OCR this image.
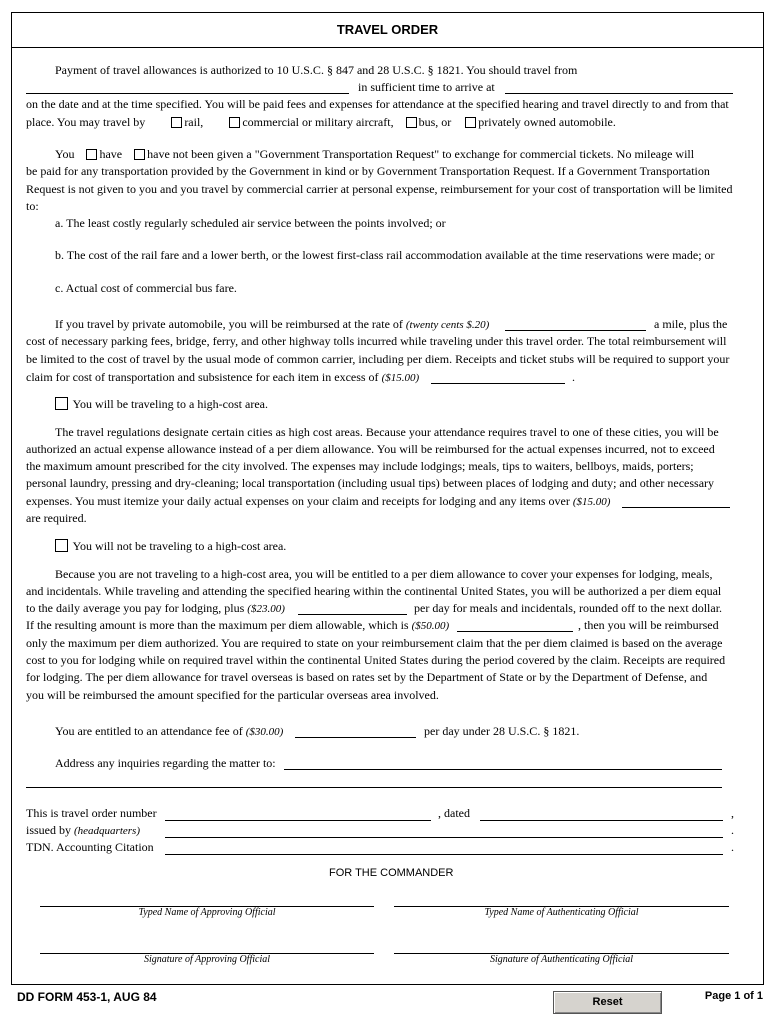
TRAVEL ORDER
Payment of travel allowances is authorized to 10 U.S.C. § 847 and 28 U.S.C. § 1821. You should travel from
in sufficient time to arrive at
on the date and at the time specified. You will be paid fees and expenses for attendance at the specified hearing and travel directly to and from that
place. You may travel by	rail,	commercial or military aircraft, bus, or privately owned automobile.
You have have not been given a "Government Transportation Request" to exchange for commercial tickets. No mileage will
be paid for any transportation provided by the Government in kind or by Government Transportation Request. If a Government Transportation
Request is not given to you and you travel by commercial carrier at personal expense, reimbursement for your cost of transportation will be limited
to:
a. The least costly regularly scheduled air service between the points involved; or
b. The cost of the rail fare and a lower berth, or the lowest first-class rail accommodation available at the time reservations were made; or
c. Actual cost of commercial bus fare.
If you travel by private automobile, you will be reimbursed at the rate of (twenty cents $.20)	a mile, plus the
cost of necessary parking fees, bridge, ferry, and other highway tolls incurred while traveling under this travel order. The total reimbursement will
be limited to the cost of travel by the usual mode of common carrier, including per diem. Receipts and ticket stubs will be required to support your
claim for cost of transportation and subsistence for each item in excess of ($15.00)	.
You will be traveling to a high-cost area.
The travel regulations designate certain cities as high cost areas. Because your attendance requires travel to one of these cities, you will be
authorized an actual expense allowance instead of a per diem allowance. You will be reimbursed for the actual expenses incurred, not to exceed
the maximum amount prescribed for the city involved. The expenses may include lodgings; meals, tips to waiters, bellboys, maids, porters;
personal laundry, pressing and dry-cleaning; local transportation (including usual tips) between places of lodging and duty; and other necessary
expenses. You must itemize your daily actual expenses on your claim and receipts for lodging and any items over ($15.00)
are required.
You will not be traveling to a high-cost area.
Because you are not traveling to a high-cost area, you will be entitled to a per diem allowance to cover your expenses for lodging, meals,
and incidentals. While traveling and attending the specified hearing within the continental United States, you will be authorized a per diem equal
to the daily average you pay for lodging, plus ($23.00)	per day for meals and incidentals, rounded off to the next dollar.
If the resulting amount is more than the maximum per diem allowable, which is ($50.00)	, then you will be reimbursed
only the maximum per diem authorized. You are required to state on your reimbursement claim that the per diem claimed is based on the average
cost to you for lodging while on required travel within the continental United States during the period covered by the claim. Receipts are required
for lodging. The per diem allowance for travel overseas is based on rates set by the Department of State or by the Department of Defense, and
you will be reimbursed the amount specified for the particular overseas area involved.
You are entitled to an attendance fee of ($30.00)	per day under 28 U.S.C. § 1821.
Address any inquiries regarding the matter to:
This is travel order number	, dated	,
issued by (headquarters)	.
TDN. Accounting Citation	.
FOR THE COMMANDER
Typed Name of Approving Official	Typed Name of Authenticating Official
Signature of Approving Official	Signature of Authenticating Official
DD FORM 453-1, AUG 84	Reset	Page 1 of 1
